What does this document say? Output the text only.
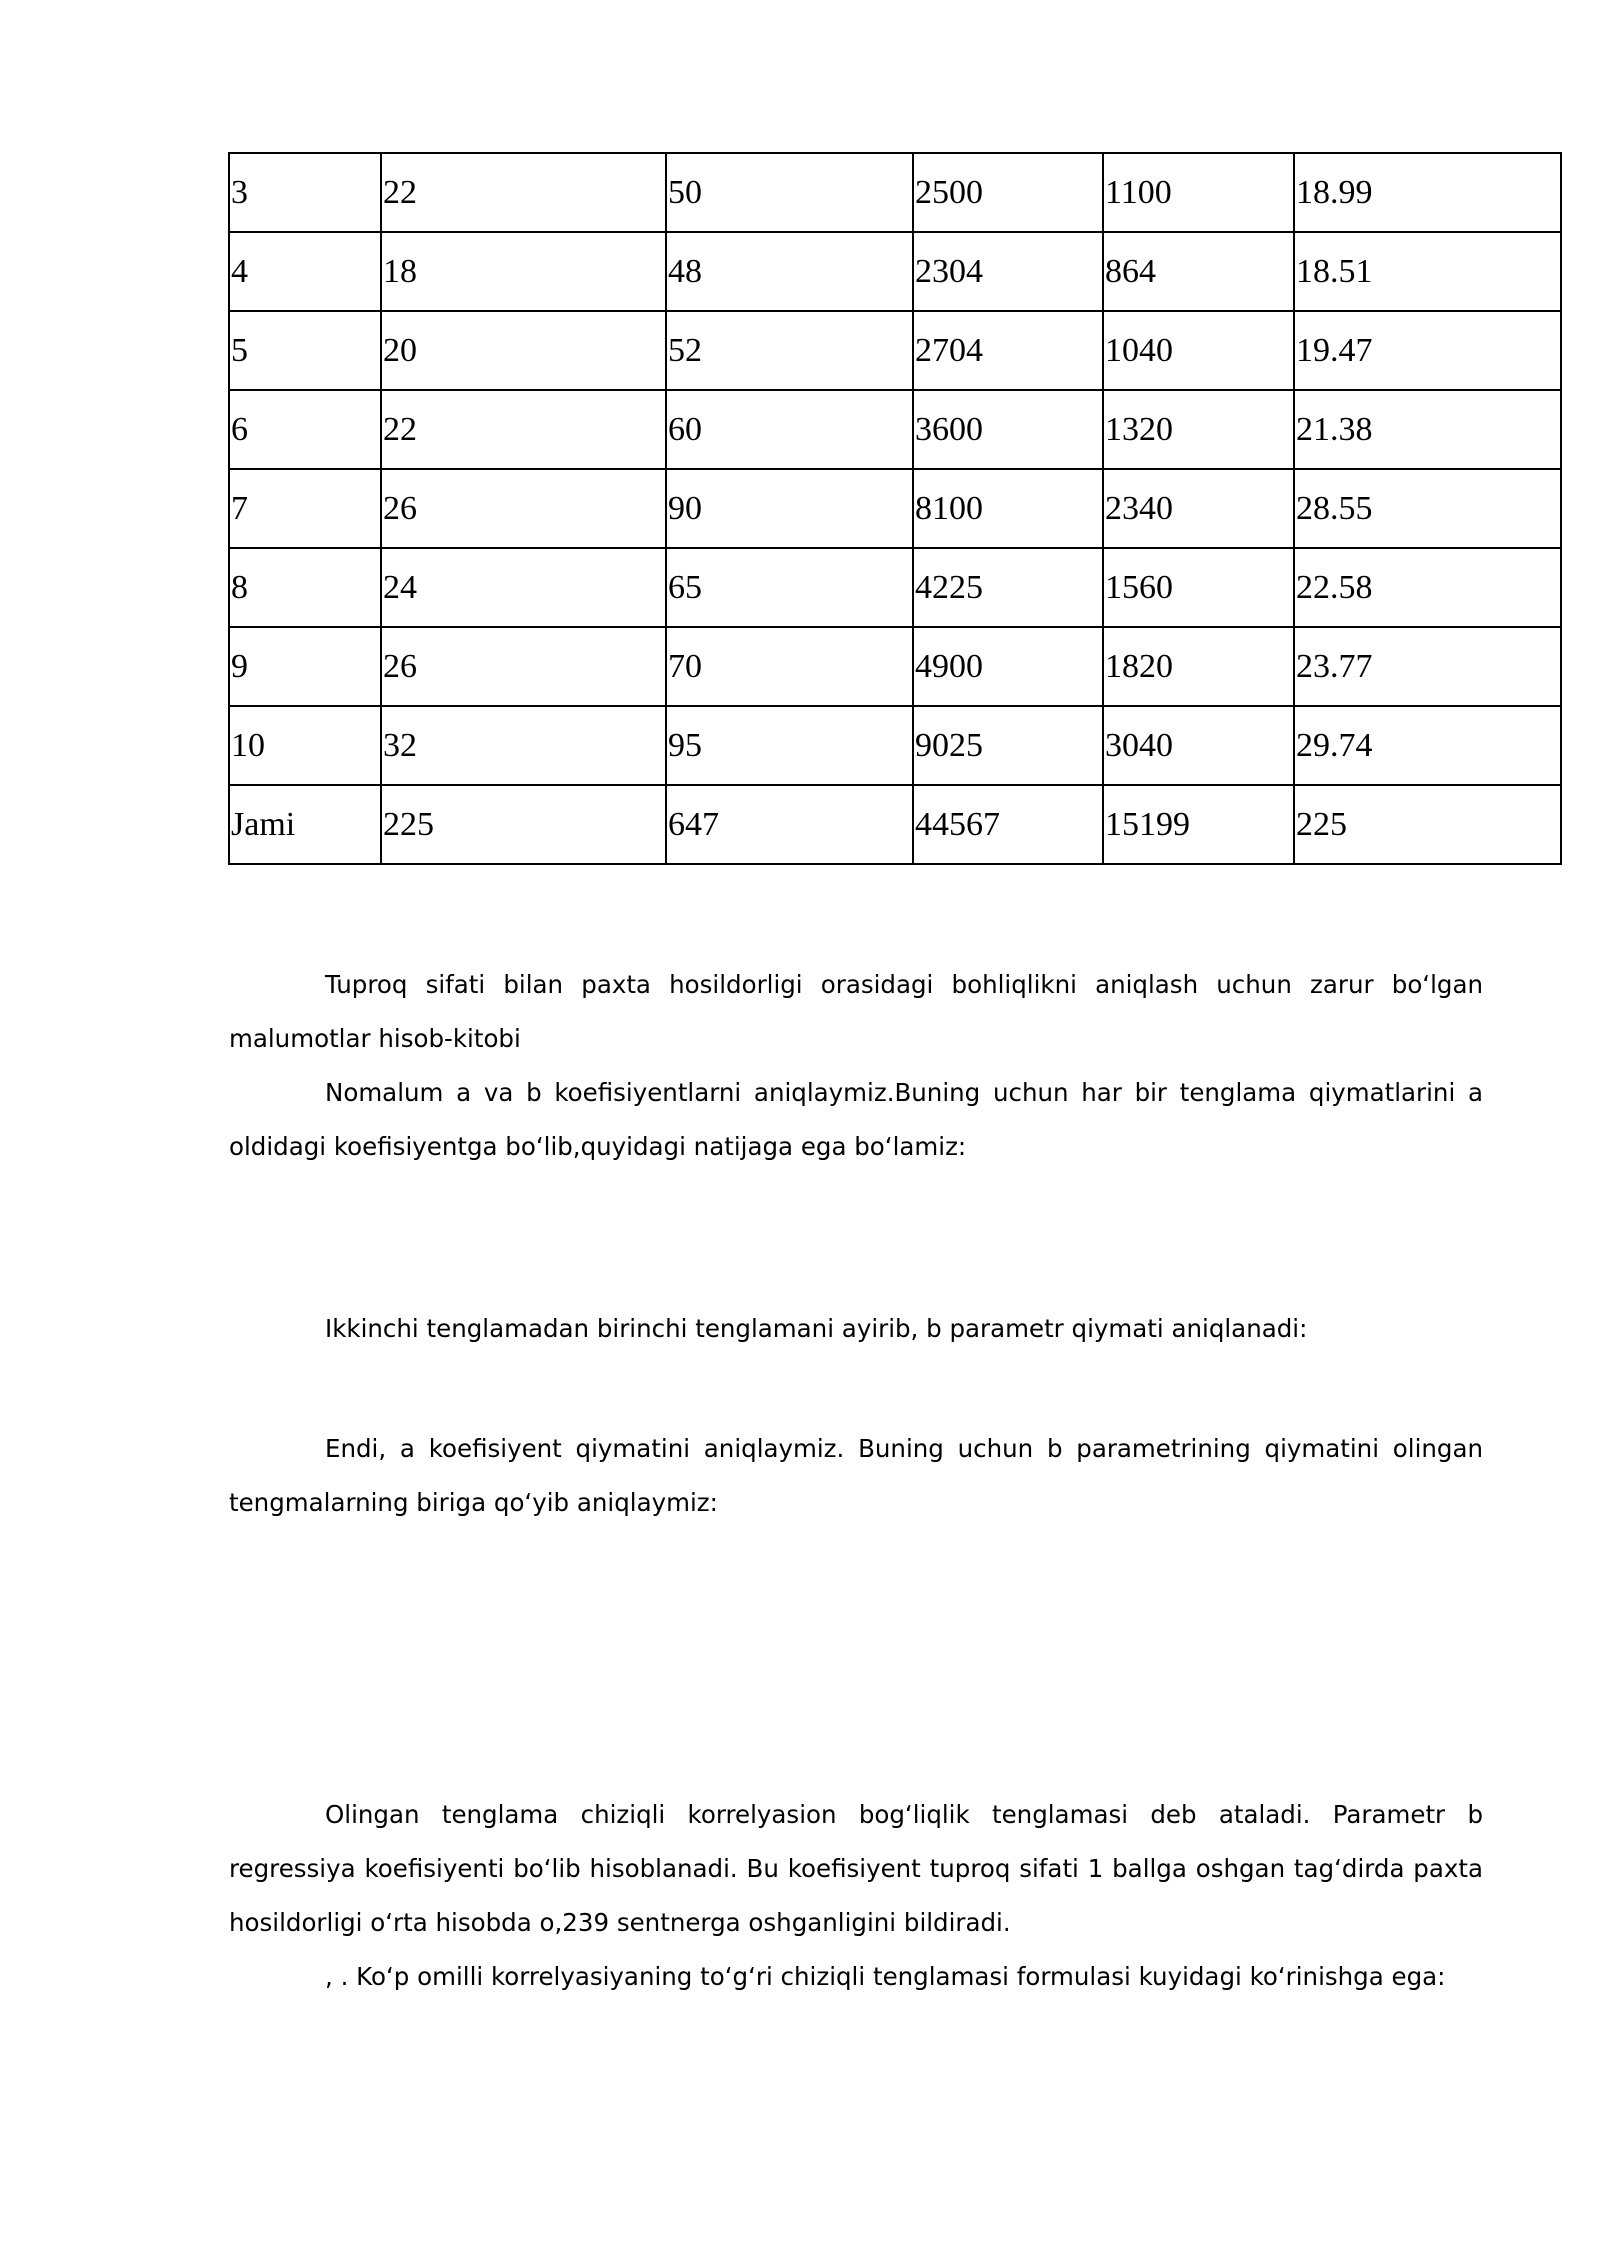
3	22	50	2500	1100	18.99
4	18	48	2304	864	18.51
5	20	52	2704	1040	19.47
6	22	60	3600	1320	21.38
7	26	90	8100	2340	28.55
8	24	65	4225	1560	22.58
9	26	70	4900	1820	23.77
10	32	95	9025	3040	29.74
Jami	225	647	44567	15199	225

Tuproq sifati bilan paxta hosildorligi orasidagi bohliqlikni aniqlash uchun zarur boʻlgan malumotlar hisob-kitobi

Nomalum a va b koefisiyentlarni aniqlaymiz.Buning uchun har bir tenglama qiymatlarini a oldidagi koefisiyentga boʻlib,quyidagi natijaga ega boʻlamiz:

Ikkinchi tenglamadan birinchi tenglamani ayirib, b parametr qiymati aniqlanadi:

Endi, a koefisiyent qiymatini aniqlaymiz. Buning uchun b parametrining qiymatini olingan tengmalarning biriga qoʻyib aniqlaymiz:

Olingan tenglama chiziqli korrelyasion bogʻliqlik tenglamasi deb ataladi. Parametr b regressiya koefisiyenti boʻlib hisoblanadi. Bu koefisiyent tuproq sifati 1 ballga oshgan tagʻdirda paxta hosildorligi oʻrta hisobda o,239 sentnerga oshganligini bildiradi.

, . Koʻp omilli korrelyasiyaning toʻgʻri chiziqli tenglamasi formulasi kuyidagi koʻrinishga ega:
